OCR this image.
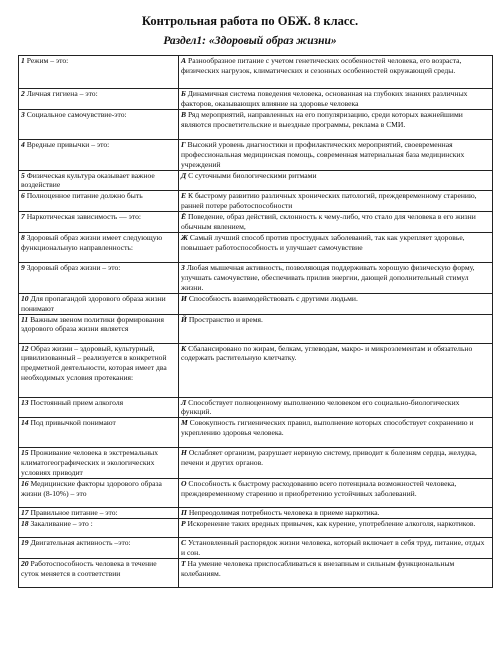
Контрольная работа по ОБЖ. 8 класс.
Раздел1: «Здоровый образ жизни»
1 Режим – это:	А Разнообразное питание с учетом генетических особенностей человека, его возраста, физических нагрузок, климатических и сезонных особенностей окружающей среды.
2 Личная гигиена – это:	Б Динамичная система поведения человека, основанная на глубоких знаниях различных факторов, оказывающих влияние на здоровье человека
3 Социальное самочувствие-это:	В Ряд мероприятий, направленных на его популяризацию, среди которых важнейшими являются просветительские и выездные программы, реклама в СМИ.
4 Вредные привычки – это:	Г Высокий уровень диагностики и профилактических мероприятий, своевременная профессиональная медицинская помощь, современная материальная база медицинских учреждений
5 Физическая культура оказывает важное воздействие	Д С суточными биологическими ритмами
6 Полноценное питание должно быть	Е К быстрому развитию различных хронических патологий, преждевременному старению, ранней потере работоспособности
7 Наркотическая зависимость — это:	Ё Поведение, образ действий, склонность к чему-либо, что стало для человека в его жизни обычным явлением,
8 Здоровый образ жизни имеет следующую функциональную направленность:	Ж Самый лучший способ против простудных заболеваний, так как укрепляет здоровье, повышает работоспособность и улучшает самочувствие
9 Здоровый образ жизни – это:	З Любая мышечная активность, позволяющая поддерживать хорошую физическую форму, улучшать самочувствие, обеспечивать прилив энергии, дающей дополнительный стимул жизни.
10 Для пропагандой здорового образа жизни понимают	И Способность взаимодействовать с другими людьми.
11 Важным звеном политики формирования здорового образа жизни является	Й Пространство и время.
12 Образ жизни – здоровый, культурный, цивилизованный – реализуется в конкретной предметной деятельности, которая имеет два необходимых условия протекания:	К Сбалансировано по жирам, белкам, углеводам, макро- и микроэлементам и обязательно содержать растительную клетчатку.
13 Постоянный прием алкоголя	Л Способствует полноценному выполнению человеком его социально-биологических функций.
14 Под привычкой понимают	М Совокупность гигиенических правил, выполнение которых способствует сохранению и укреплению здоровья человека.
15 Проживание человека в экстремальных климатогеографических и экологических условиях приводит	Н Ослабляет организм, разрушает нервную систему, приводит к болезням сердца, желудка, печени и других органов.
16 Медицинские факторы здорового образа жизни (8-10%) – это	О Способность к быстрому расходованию всего потенциала возможностей человека, преждевременному старению и приобретению устойчивых заболеваний.
17 Правильное питание – это:	П Непреодолимая потребность человека в приеме наркотика.
18 Закаливание – это :	Р Искоренение таких вредных привычек, как курение, употребление алкоголя, наркотиков.
19 Двигательная активность –это:	С Установленный распорядок жизни человека, который включает в себя труд, питание, отдых и сон.
20 Работоспособность человека в течение суток меняется в соответствии	Т На умение человека приспосабливаться к внезапным и сильным функциональным колебаниям.
